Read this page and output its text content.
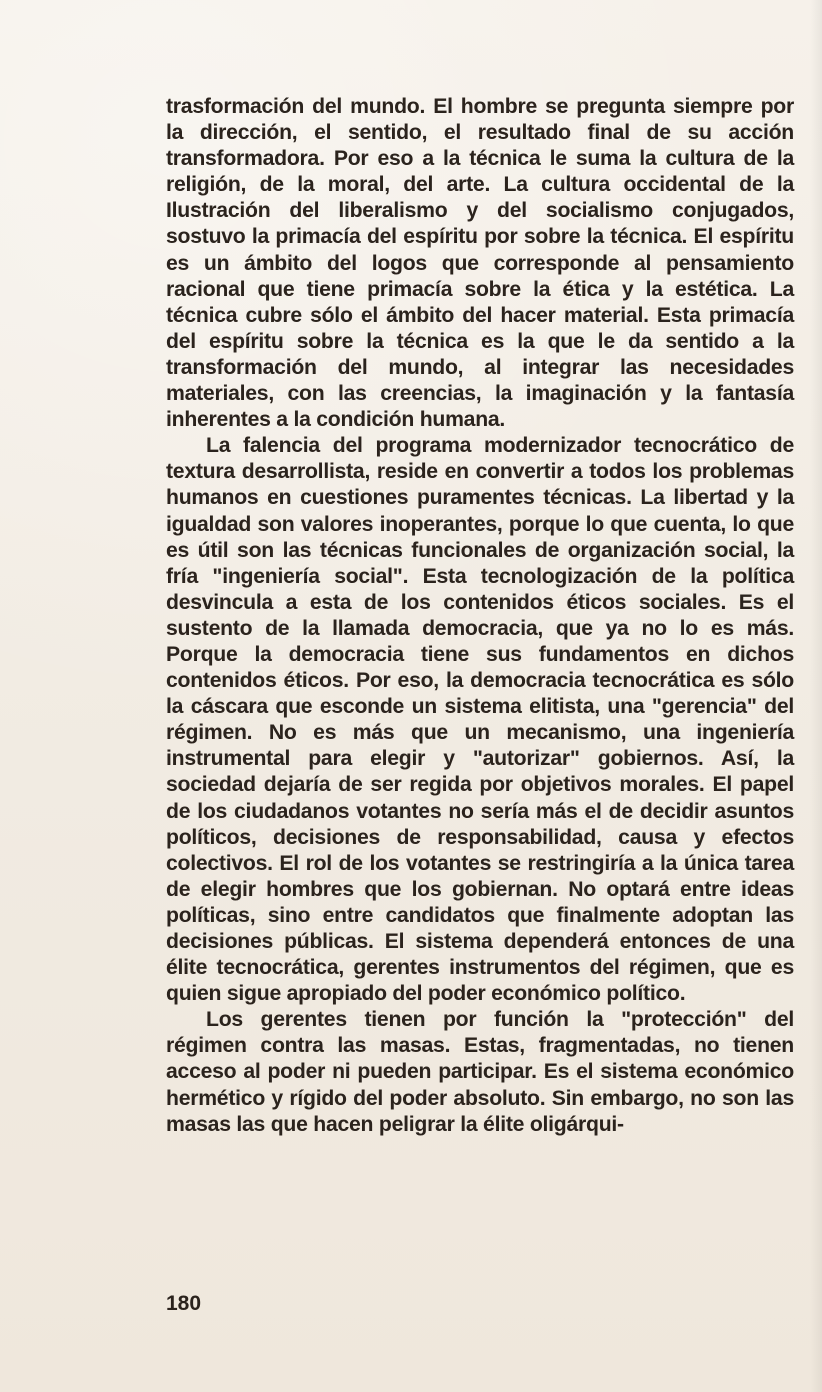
trasformación del mundo. El hombre se pregunta siempre por la dirección, el sentido, el resultado final de su acción transformadora. Por eso a la técnica le suma la cultura de la religión, de la moral, del arte. La cultura occidental de la Ilustración del liberalismo y del socialismo conjugados, sostuvo la primacía del espíritu por sobre la técnica. El espíritu es un ámbito del logos que corresponde al pensamiento racional que tiene primacía sobre la ética y la estética. La técnica cubre sólo el ámbito del hacer material. Esta primacía del espíritu sobre la técnica es la que le da sentido a la transformación del mundo, al integrar las necesidades materiales, con las creencias, la imaginación y la fantasía inherentes a la condición humana.

La falencia del programa modernizador tecnocrático de textura desarrollista, reside en convertir a todos los problemas humanos en cuestiones puramentes técnicas. La libertad y la igualdad son valores inoperantes, porque lo que cuenta, lo que es útil son las técnicas funcionales de organización social, la fría "ingeniería social". Esta tecnologización de la política desvincula a esta de los contenidos éticos sociales. Es el sustento de la llamada democracia, que ya no lo es más. Porque la democracia tiene sus fundamentos en dichos contenidos éticos. Por eso, la democracia tecnocrática es sólo la cáscara que esconde un sistema elitista, una "gerencia" del régimen. No es más que un mecanismo, una ingeniería instrumental para elegir y "autorizar" gobiernos. Así, la sociedad dejaría de ser regida por objetivos morales. El papel de los ciudadanos votantes no sería más el de decidir asuntos políticos, decisiones de responsabilidad, causa y efectos colectivos. El rol de los votantes se restringiría a la única tarea de elegir hombres que los gobiernan. No optará entre ideas políticas, sino entre candidatos que finalmente adoptan las decisiones públicas. El sistema dependerá entonces de una élite tecnocrática, gerentes instrumentos del régimen, que es quien sigue apropiado del poder económico político.

Los gerentes tienen por función la "protección" del régimen contra las masas. Estas, fragmentadas, no tienen acceso al poder ni pueden participar. Es el sistema económico hermético y rígido del poder absoluto. Sin embargo, no son las masas las que hacen peligrar la élite oligárqui-

180
